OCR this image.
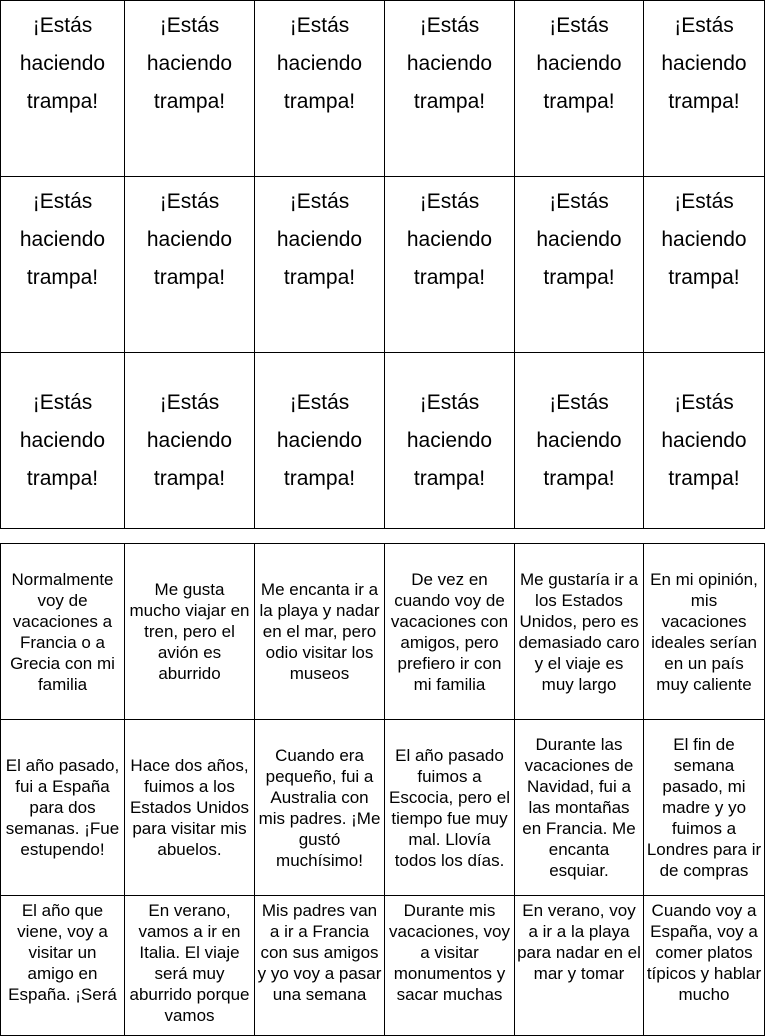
¡Estás haciendo trampa!	¡Estás haciendo trampa!	¡Estás haciendo trampa!	¡Estás haciendo trampa!	¡Estás haciendo trampa!	¡Estás haciendo trampa!
¡Estás haciendo trampa!	¡Estás haciendo trampa!	¡Estás haciendo trampa!	¡Estás haciendo trampa!	¡Estás haciendo trampa!	¡Estás haciendo trampa!
¡Estás haciendo trampa!	¡Estás haciendo trampa!	¡Estás haciendo trampa!	¡Estás haciendo trampa!	¡Estás haciendo trampa!	¡Estás haciendo trampa!
Normalmente voy de vacaciones a Francia o a Grecia con mi familia	Me gusta mucho viajar en tren, pero el avión es aburrido	Me encanta ir a la playa y nadar en el mar, pero odio visitar los museos	De vez en cuando voy de vacaciones con amigos, pero prefiero ir con mi familia	Me gustaría ir a los Estados Unidos, pero es demasiado caro y el viaje es muy largo	En mi opinión, mis vacaciones ideales serían en un país muy caliente
El año pasado, fui a España para dos semanas. ¡Fue estupendo!	Hace dos años, fuimos a los Estados Unidos para visitar mis abuelos.	Cuando era pequeño, fui a Australia con mis padres. ¡Me gustó muchísimo!	El año pasado fuimos a Escocia, pero el tiempo fue muy mal. Llovía todos los días.	Durante las vacaciones de Navidad, fui a las montañas en Francia. Me encanta esquiar.	El fin de semana pasado, mi madre y yo fuimos a Londres para ir de compras
El año que viene, voy a visitar un amigo en España. ¡Será	En verano, vamos a ir en Italia. El viaje será muy aburrido porque vamos	Mis padres van a ir a Francia con sus amigos y yo voy a pasar una semana	Durante mis vacaciones, voy a visitar monumentos y sacar muchas	En verano, voy a ir a la playa para nadar en el mar y tomar	Cuando voy a España, voy a comer platos típicos y hablar mucho
